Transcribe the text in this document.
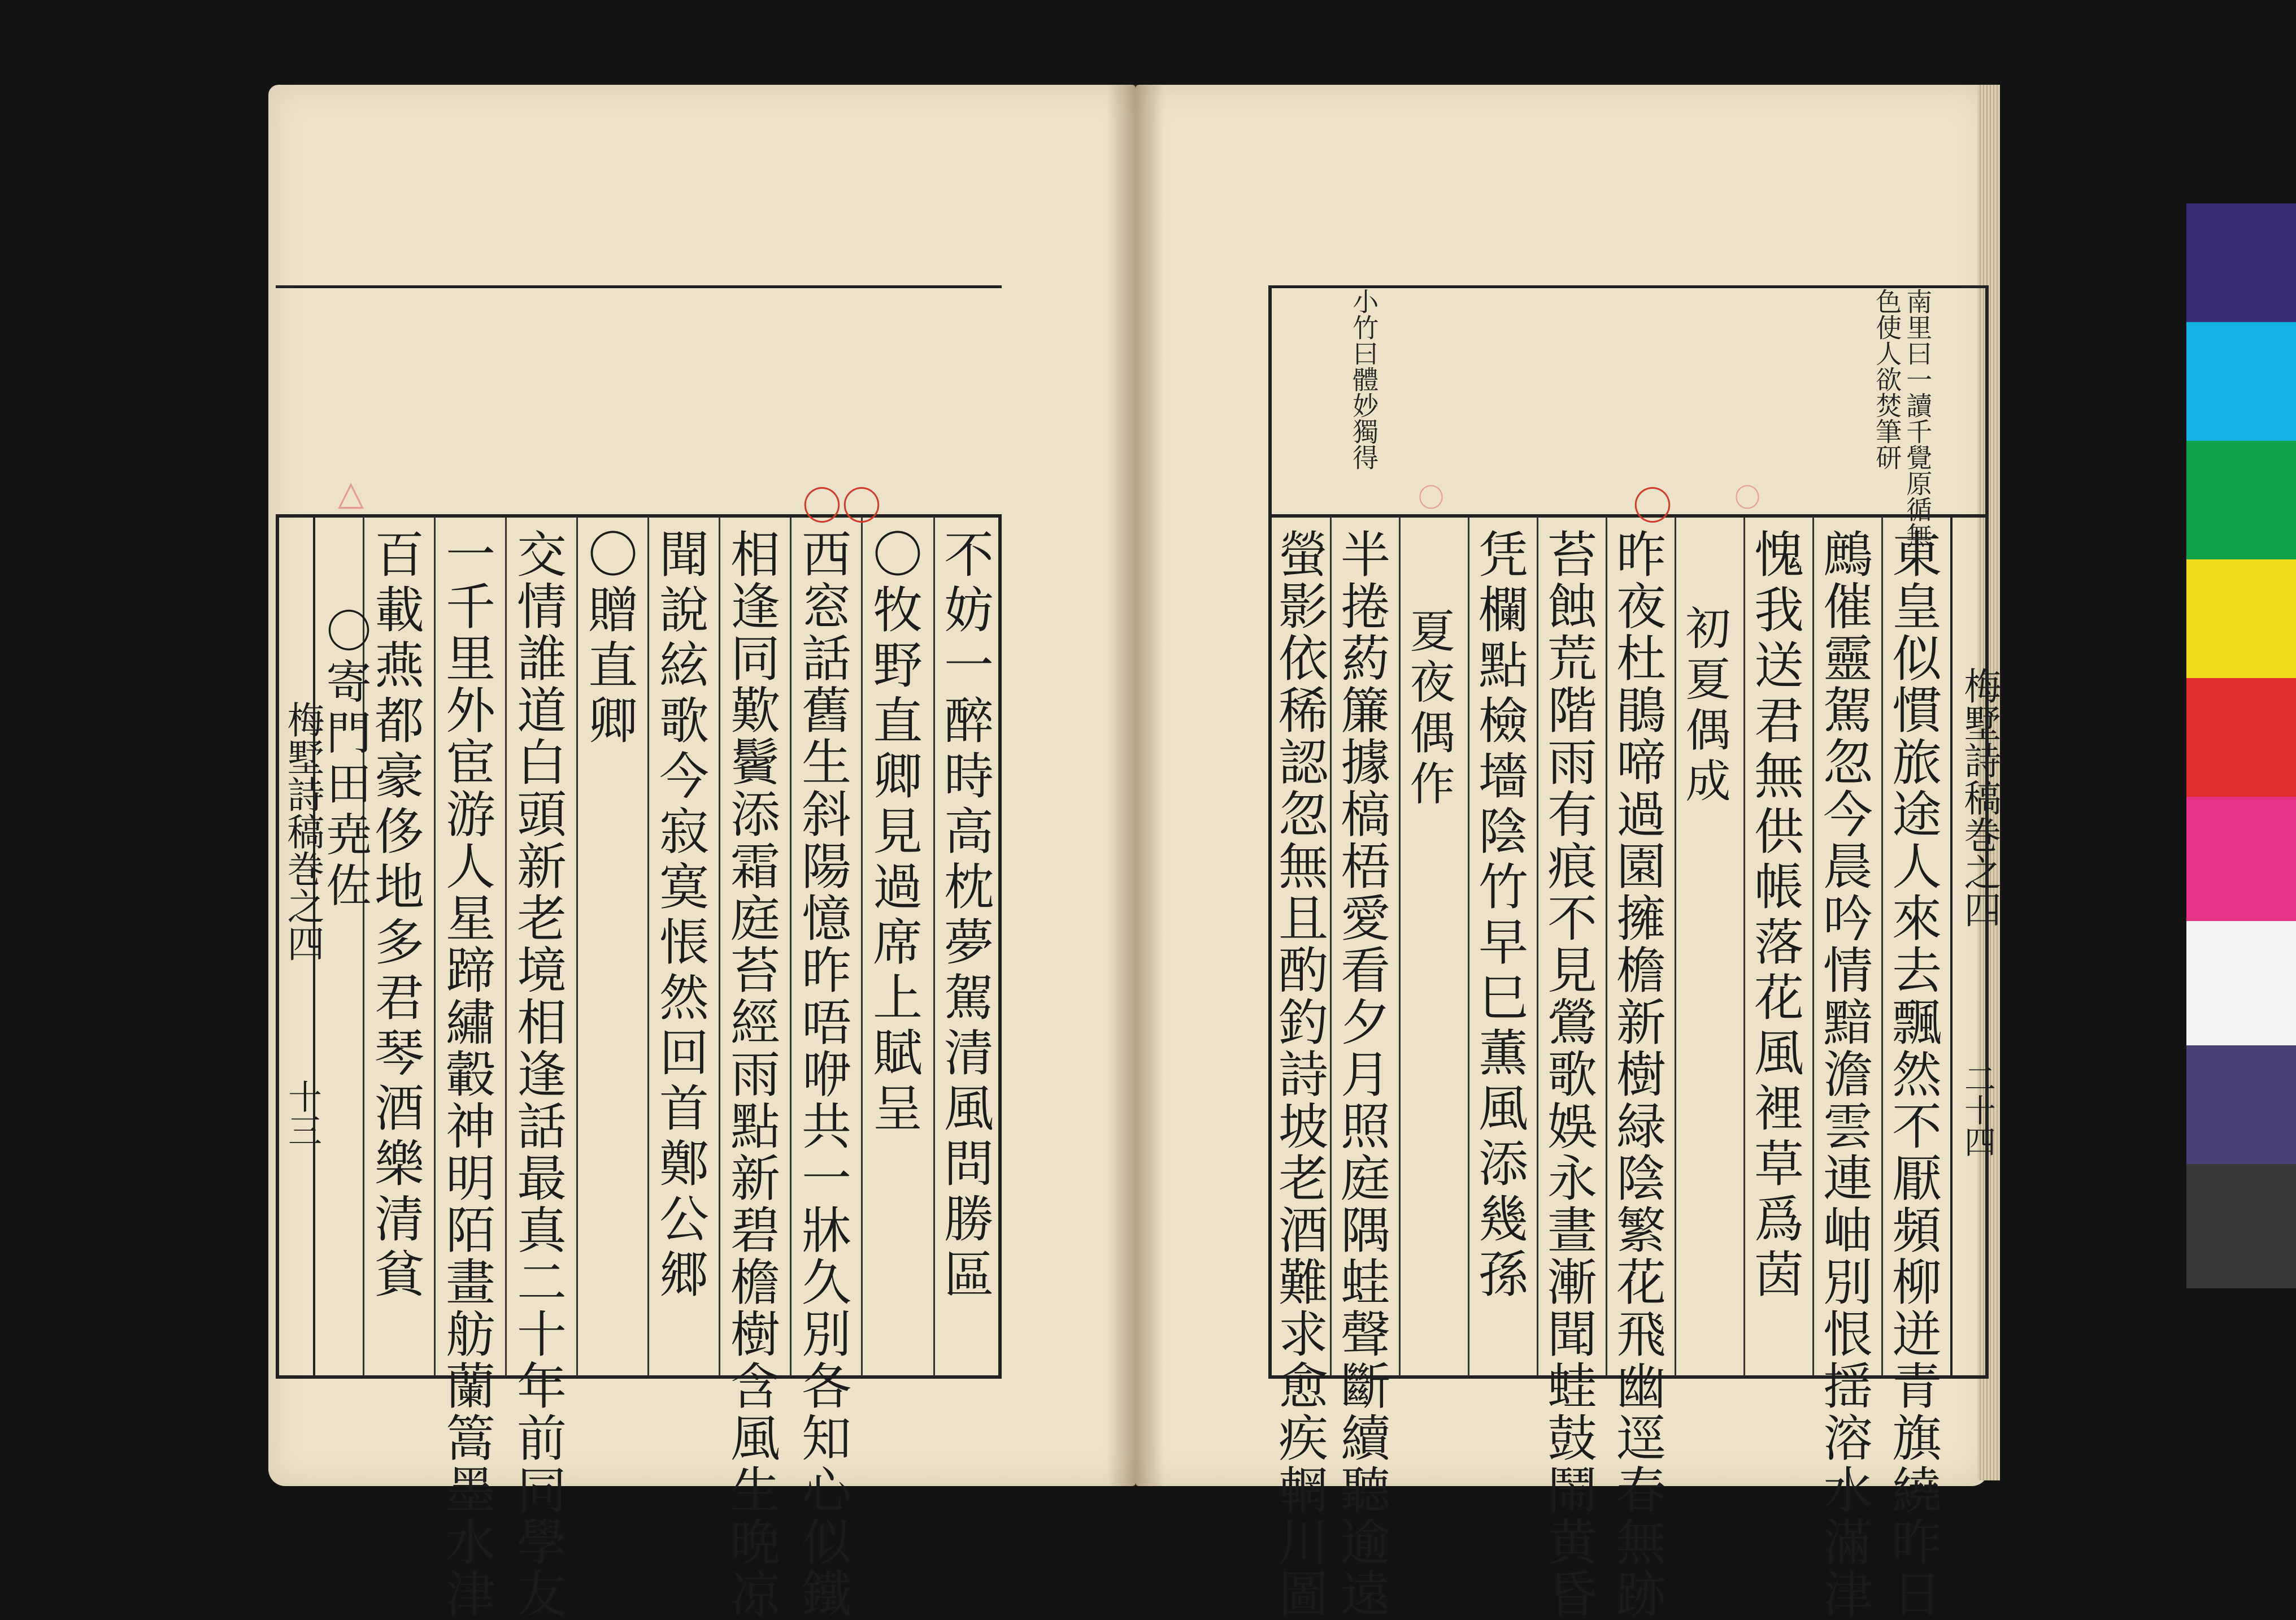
梅墅詩稿巻之四
十三	不妨一醉時高枕夢駕清風問勝區
〇牧野直卿見過席上賦呈
西窓話舊生斜陽憶昨唔咿共一牀久別各知心似鐵
相逢同歎鬢添霜庭苔經雨點新碧檐樹含風生晩凉
聞說絃歌今寂寞悵然回首鄭公郷
〇贈直卿
交情誰道白頭新老境相逢話最真二十年前同學友
一千里外宦游人星蹄繡轂神明陌畫舫蘭篙墨水津
百載燕都豪侈地多君琴酒樂清貧
〇寄門田尭佐
〇〇
△	南里曰一讀千覺原循無
色使人欲焚筆研
小竹曰體妙獨得
梅墅詩稿巻之四
二十四
東皇似慣旅途人來去飄然不厭頻柳迸青旗繞昨日
鷓催靈駕忽今晨吟情黯澹雲連岫別恨揺溶水滿津
愧我送君無供帳落花風裡草爲茵
初夏偶成
昨夜杜鵑啼過園擁檐新樹緑陰繁花飛幽逕春無跡
苔蝕荒階雨有痕不見鶯歌娛永晝漸聞蛙鼓鬧黄昏
凭欄點檢墻陰竹早巳薫風添幾孫
夏夜偶作
半捲葯簾據槁梧愛看夕月照庭隅蛙聲斷續聽逾遠
螢影依稀認忽無且酌釣詩坡老酒難求愈疾輞川圖
〇
〇	〇
